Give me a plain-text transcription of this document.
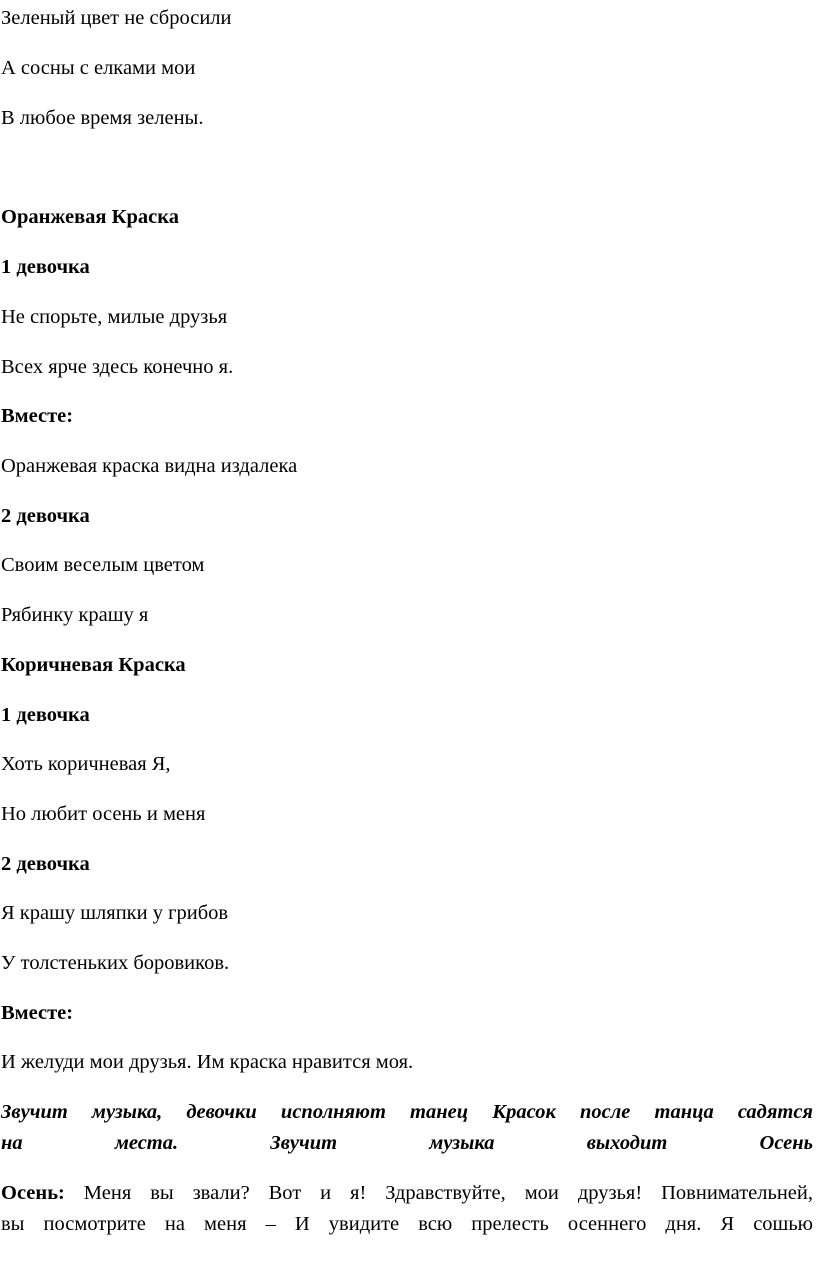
Зеленый цвет не сбросили

А сосны с елками мои

В любое время зелены.

Оранжевая Краска

1 девочка

Не спорьте, милые друзья

Всех ярче здесь конечно я.

Вместе:

Оранжевая краска видна издалека

2 девочка

Своим веселым цветом

Рябинку крашу я

Коричневая Краска

1 девочка

Хоть коричневая Я,

Но любит осень и меня

2 девочка

Я крашу шляпки у грибов

У толстеньких боровиков.

Вместе:

И желуди мои друзья. Им краска нравится моя.

Звучит музыка, девочки исполняют танец Красок после танца садятся
на места. Звучит музыка выходит Осень

Осень: Меня вы звали? Вот и я! Здравствуйте, мои друзья! Повнимательней,
вы посмотрите на меня – И увидите всю прелесть осеннего дня. Я сошью
